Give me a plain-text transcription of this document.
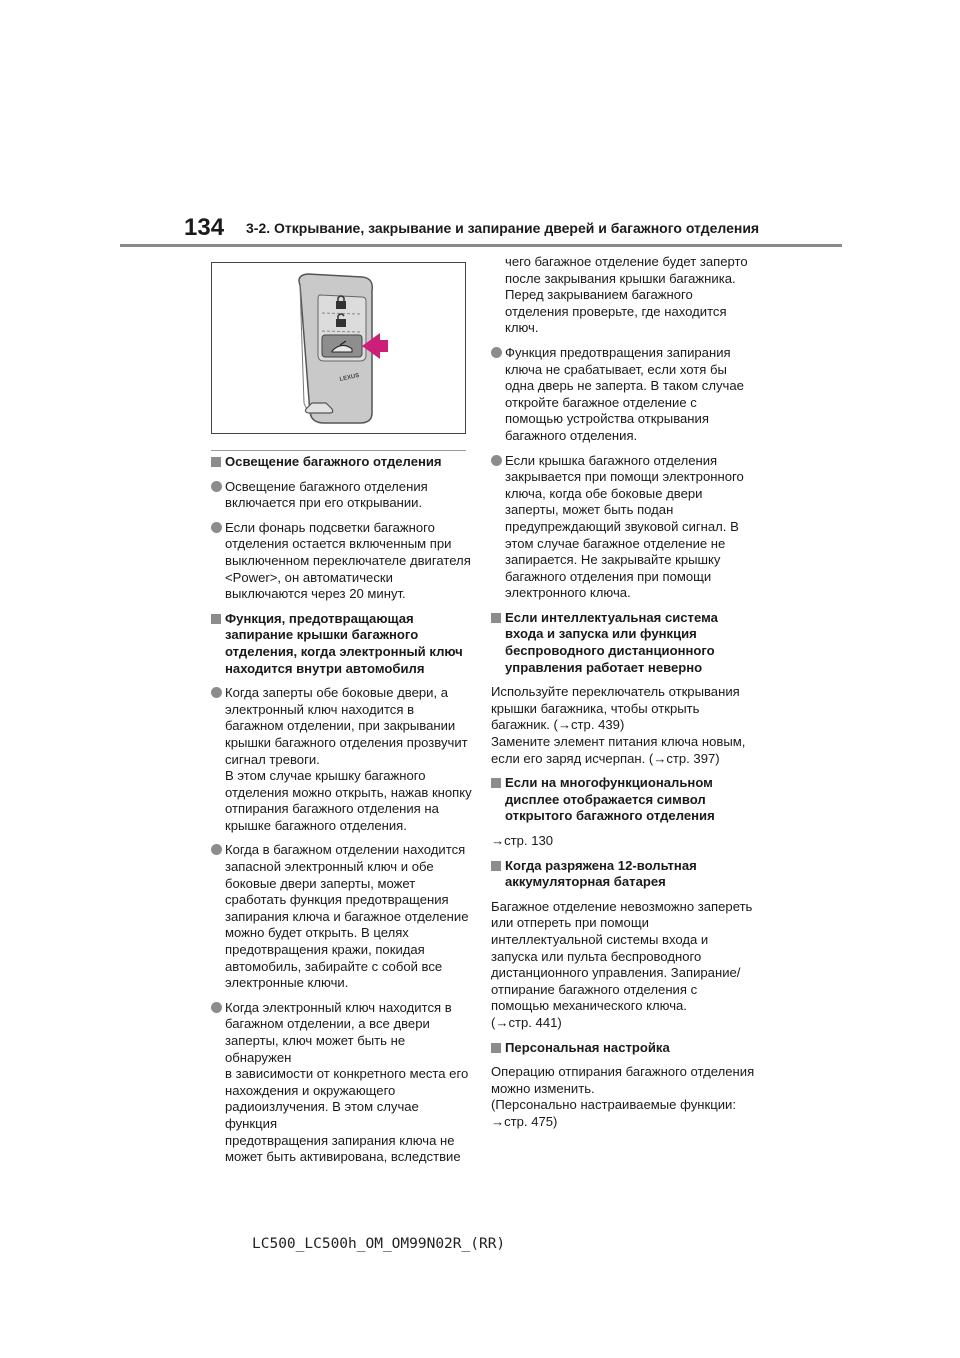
134 3-2. Открывание, закрывание и запирание дверей и багажного отделения
LEXUS
Освещение багажного отделения
Освещение багажного отделения
включается при его открывании.
Если фонарь подсветки багажного
отделения остается включенным при
выключенном переключателе двигателя
<Power>, он автоматически
выключаются через 20 минут.
Функция, предотвращающая
запирание крышки багажного
отделения, когда электронный ключ
находится внутри автомобиля
Когда заперты обе боковые двери, а
электронный ключ находится в
багажном отделении, при закрывании
крышки багажного отделения прозвучит
сигнал тревоги.
В этом случае крышку багажного
отделения можно открыть, нажав кнопку
отпирания багажного отделения на
крышке багажного отделения.
Когда в багажном отделении находится
запасной электронный ключ и обе
боковые двери заперты, может
сработать функция предотвращения
запирания ключа и багажное отделение
можно будет открыть. В целях
предотвращения кражи, покидая
автомобиль, забирайте с собой все
электронные ключи.
Когда электронный ключ находится в
багажном отделении, а все двери
заперты, ключ может быть не обнаружен
в зависимости от конкретного места его
нахождения и окружающего
радиоизлучения. В этом случае функция
предотвращения запирания ключа не
может быть активирована, вследствие
чего багажное отделение будет заперто
после закрывания крышки багажника.
Перед закрыванием багажного
отделения проверьте, где находится
ключ.
Функция предотвращения запирания
ключа не срабатывает, если хотя бы
одна дверь не заперта. В таком случае
откройте багажное отделение с
помощью устройства открывания
багажного отделения.
Если крышка багажного отделения
закрывается при помощи электронного
ключа, когда обе боковые двери
заперты, может быть подан
предупреждающий звуковой сигнал. В
этом случае багажное отделение не
запирается. Не закрывайте крышку
багажного отделения при помощи
электронного ключа.
Если интеллектуальная система
входа и запуска или функция
беспроводного дистанционного
управления работает неверно
Используйте переключатель открывания
крышки багажника, чтобы открыть
багажник. (→стр. 439)
Замените элемент питания ключа новым,
если его заряд исчерпан. (→стр. 397)
Если на многофункциональном
дисплее отображается символ
открытого багажного отделения
→стр. 130
Когда разряжена 12-вольтная
аккумуляторная батарея
Багажное отделение невозможно запереть
или отпереть при помощи
интеллектуальной системы входа и
запуска или пульта беспроводного
дистанционного управления. Запирание/
отпирание багажного отделения с
помощью механического ключа.
(→стр. 441)
Персональная настройка
Операцию отпирания багажного отделения
можно изменить.
(Персонально настраиваемые функции:
→стр. 475)
LC500_LC500h_OM_OM99N02R_(RR)
